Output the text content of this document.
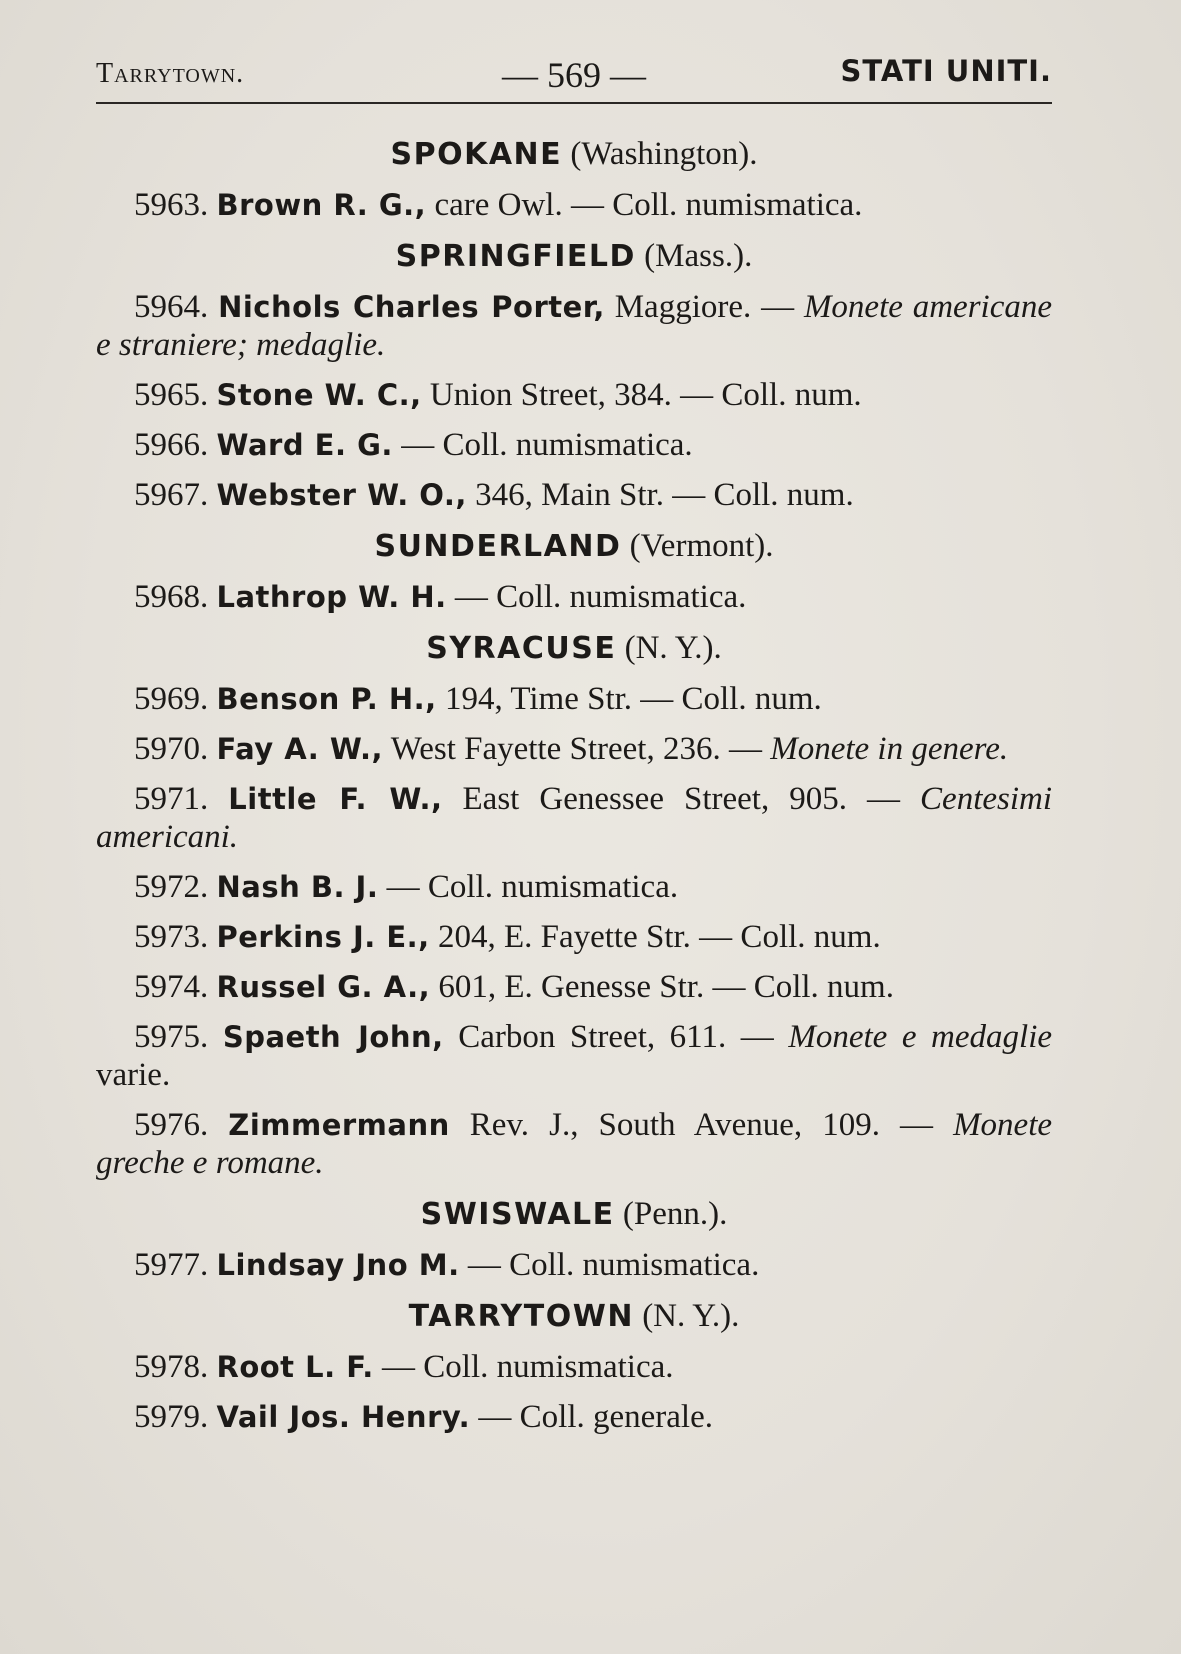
Tarrytown.	— 569 —	STATI UNITI.
SPOKANE (Washington).
5963. Brown R. G., care Owl. — Coll. numismatica.
SPRINGFIELD (Mass.).
5964. Nichols Charles Porter, Maggiore. — Monete americane e straniere; medaglie.
5965. Stone W. C., Union Street, 384. — Coll. num.
5966. Ward E. G. — Coll. numismatica.
5967. Webster W. O., 346, Main Str. — Coll. num.
SUNDERLAND (Vermont).
5968. Lathrop W. H. — Coll. numismatica.
SYRACUSE (N. Y.).
5969. Benson P. H., 194, Time Str. — Coll. num.
5970. Fay A. W., West Fayette Street, 236. — Monete in genere.
5971. Little F. W., East Genessee Street, 905. — Centesimi americani.
5972. Nash B. J. — Coll. numismatica.
5973. Perkins J. E., 204, E. Fayette Str. — Coll. num.
5974. Russel G. A., 601, E. Genesse Str. — Coll. num.
5975. Spaeth John, Carbon Street, 611. — Monete e medaglie varie.
5976. Zimmermann Rev. J., South Avenue, 109. — Monete greche e romane.
SWISWALE (Penn.).
5977. Lindsay Jno M. — Coll. numismatica.
TARRYTOWN (N. Y.).
5978. Root L. F. — Coll. numismatica.
5979. Vail Jos. Henry. — Coll. generale.
